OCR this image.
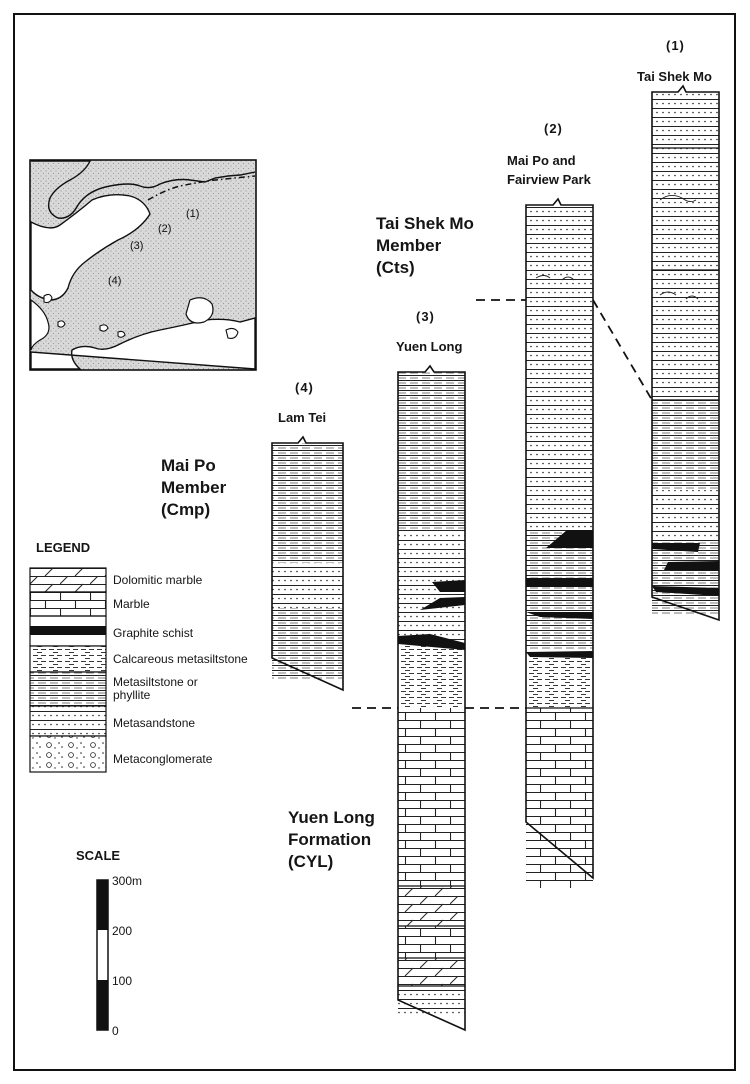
(1)
(2)
(3)
(4)
(1)
Tai Shek Mo
(2)
Mai Po and
Fairview Park
(3)
Yuen Long
(4)
Lam Tei
Tai Shek Mo
Member
(Cts)
Mai Po
Member
(Cmp)
Yuen Long
Formation
(CYL)
LEGEND
Dolomitic marble
Marble
Graphite schist
Calcareous metasiltstone
Metasiltstone or
phyllite
Metasandstone
Metaconglomerate
SCALE
300m
200
100
0
